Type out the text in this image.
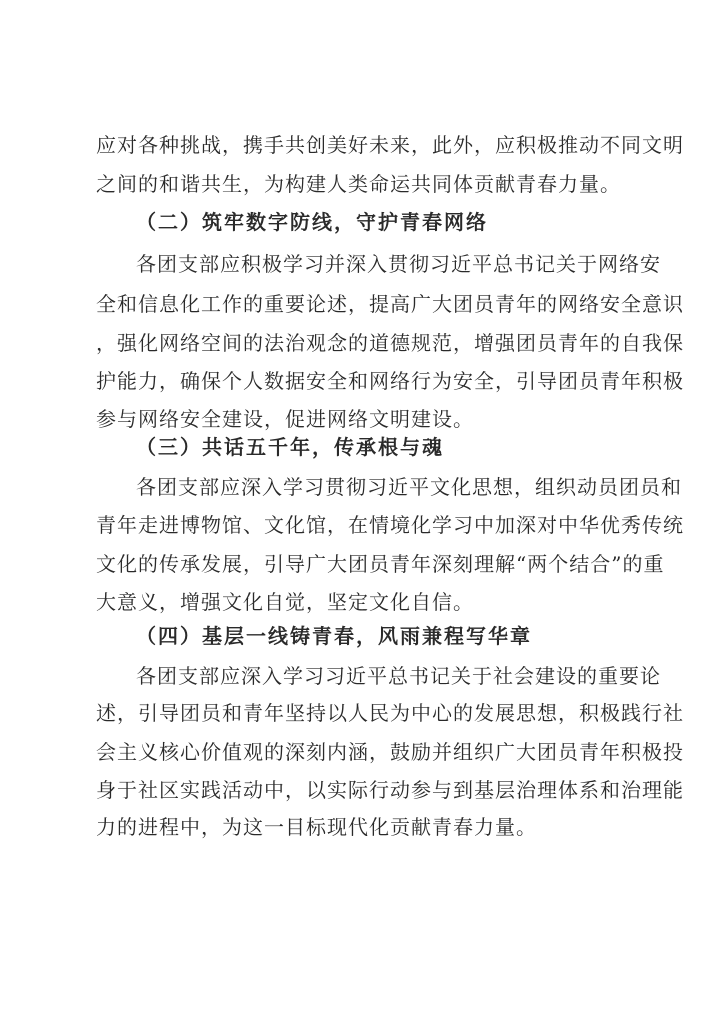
应对各种挑战，携手共创美好未来，此外，应积极推动不同文明
之间的和谐共生，为构建人类命运共同体贡献青春力量。
（二）筑牢数字防线，守护青春网络
各团支部应积极学习并深入贯彻习近平总书记关于网络安
全和信息化工作的重要论述，提高广大团员青年的网络安全意识
，强化网络空间的法治观念的道德规范，增强团员青年的自我保
护能力，确保个人数据安全和网络行为安全，引导团员青年积极
参与网络安全建设，促进网络文明建设。
（三）共话五千年，传承根与魂
各团支部应深入学习贯彻习近平文化思想，组织动员团员和
青年走进博物馆、文化馆，在情境化学习中加深对中华优秀传统
文化的传承发展，引导广大团员青年深刻理解“两个结合”的重
大意义，增强文化自觉，坚定文化自信。
（四）基层一线铸青春，风雨兼程写华章
各团支部应深入学习习近平总书记关于社会建设的重要论
述，引导团员和青年坚持以人民为中心的发展思想，积极践行社
会主义核心价值观的深刻内涵，鼓励并组织广大团员青年积极投
身于社区实践活动中，以实际行动参与到基层治理体系和治理能
力的进程中，为这一目标现代化贡献青春力量。
